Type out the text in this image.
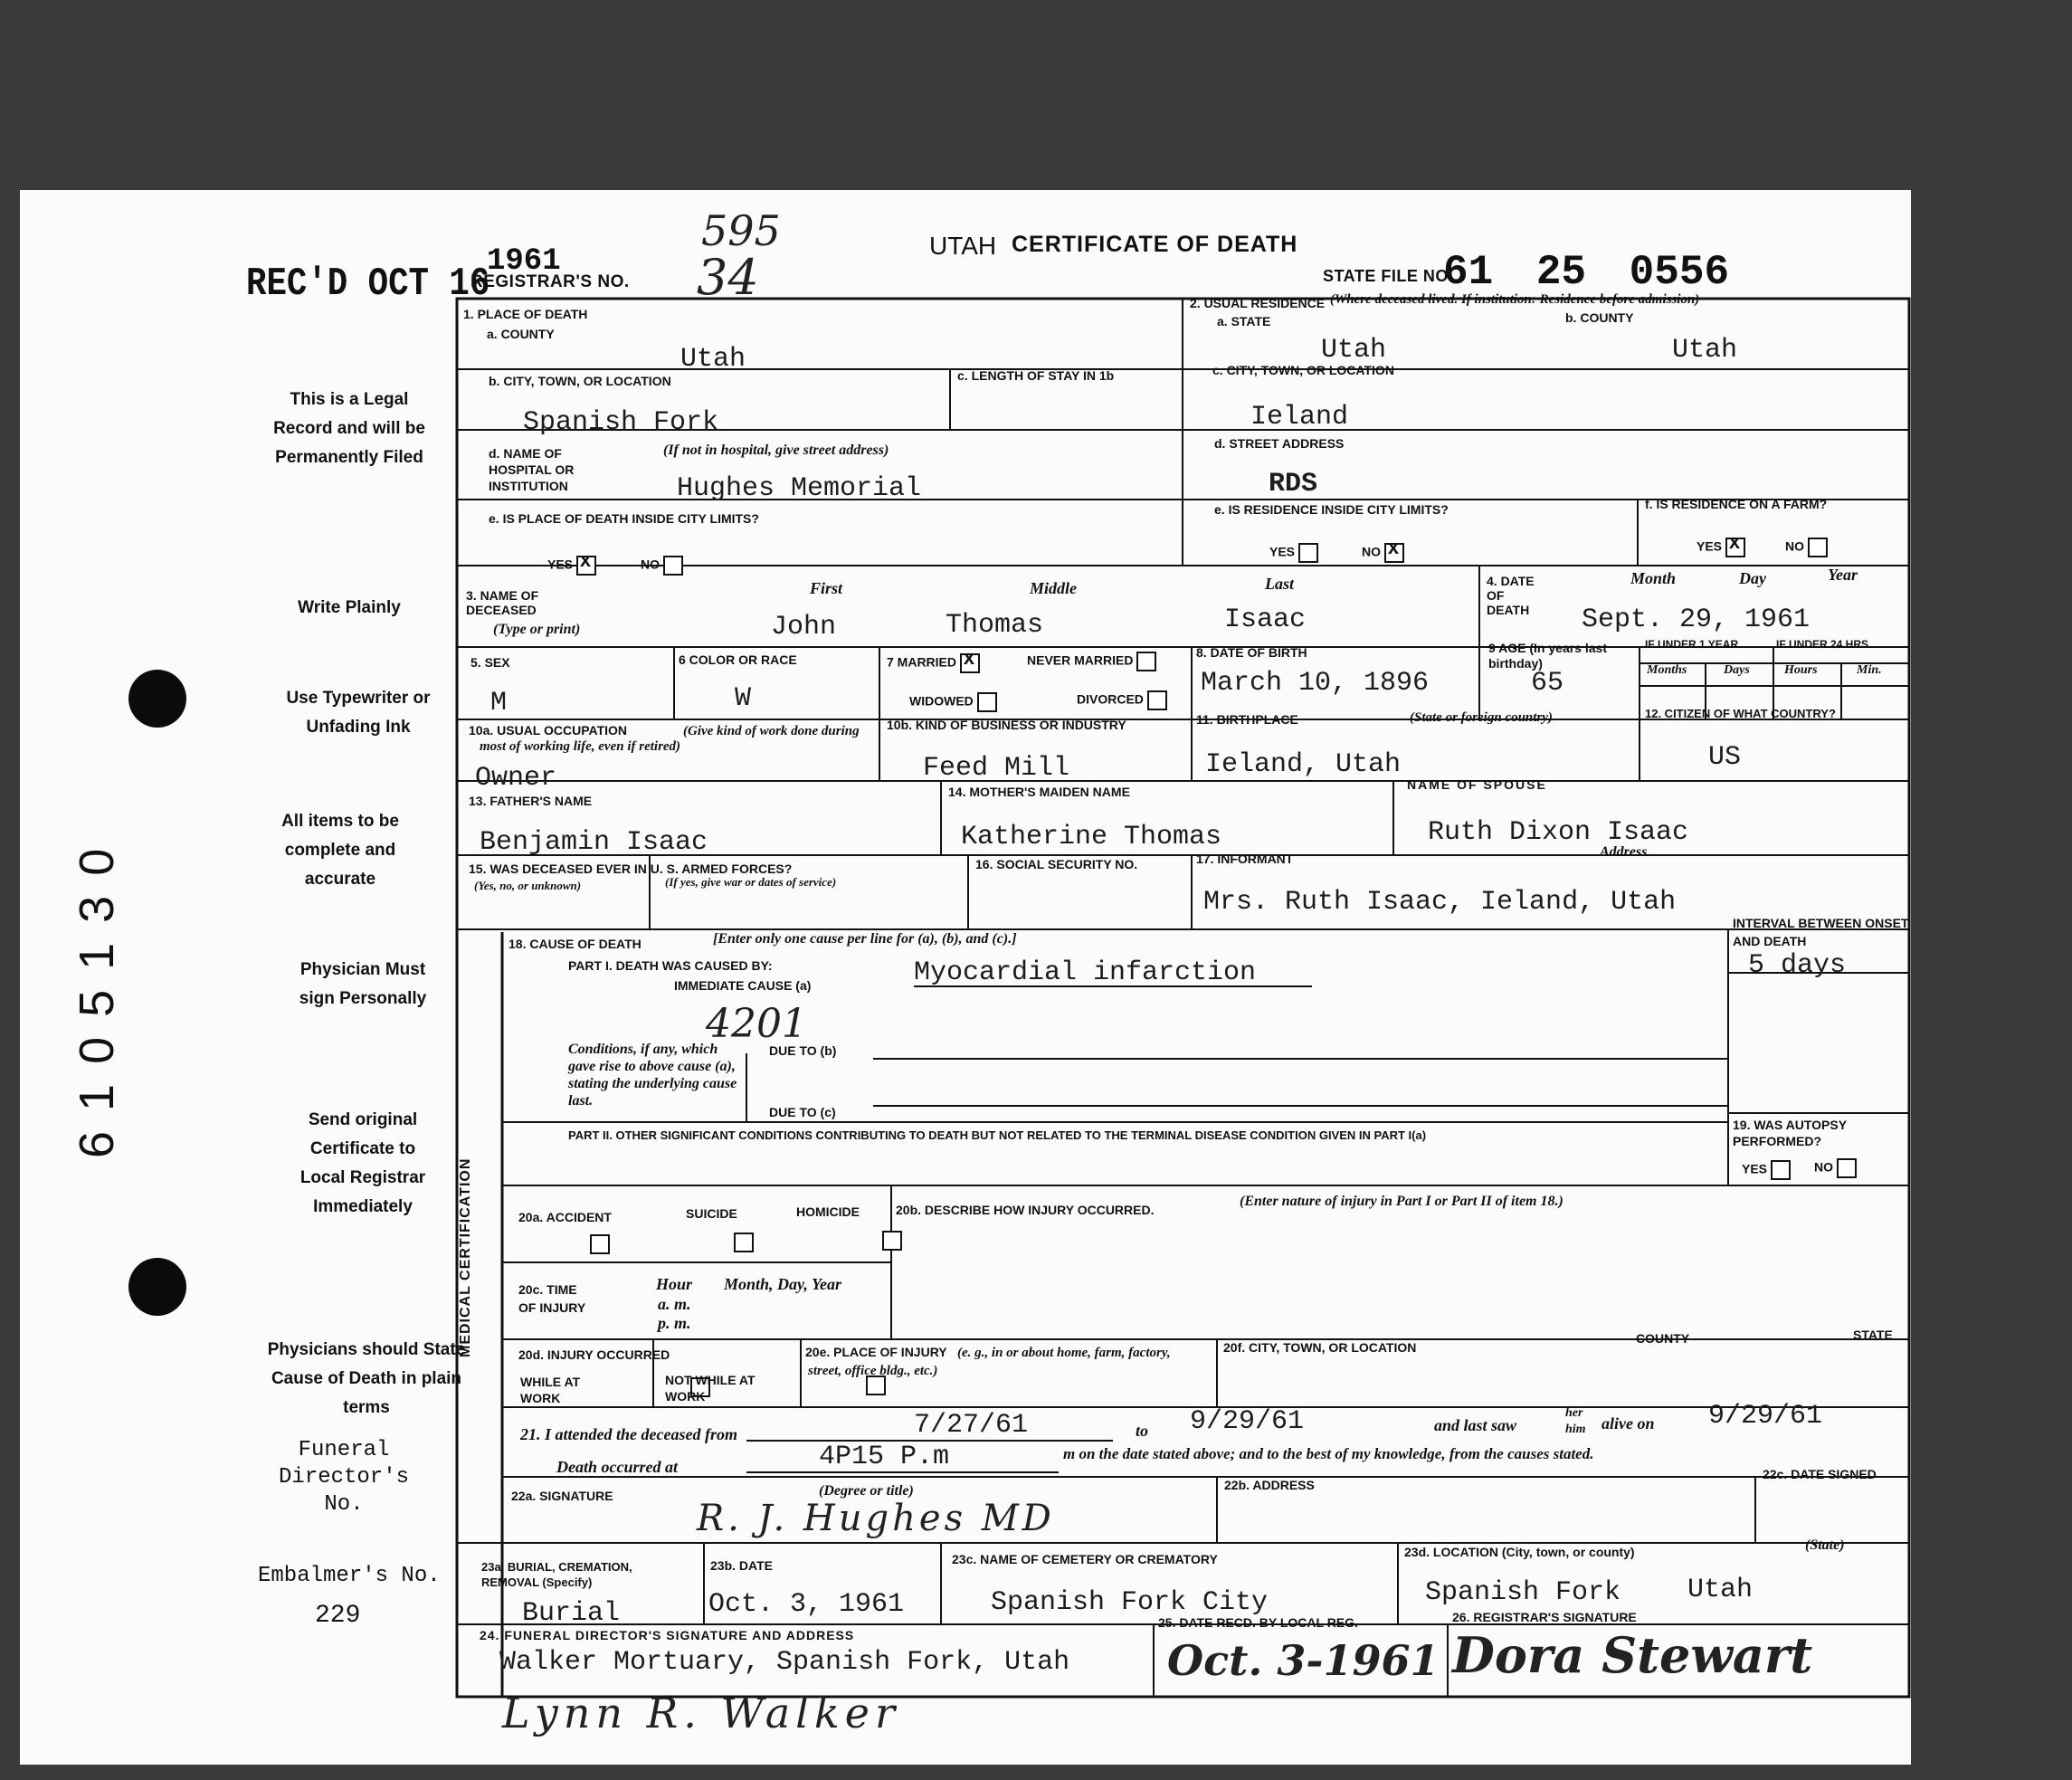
REC'D OCT 16
1961
REGISTRAR'S NO.
595
34
UTAH CERTIFICATE OF DEATH
STATE FILE NO.
61 25 0556
This is a Legal Record and will be Permanently Filed
Write Plainly
Use Typewriter or Unfading Ink
All items to be complete and accurate
Physician Must sign Personally
Send original Certificate to Local Registrar Immediately
Physicians should State Cause of Death in plain terms
Funeral Director's No.
Embalmer's No.
229
6105130
1. PLACE OF DEATH
a. COUNTY
Utah
b. CITY, TOWN, OR LOCATION
Spanish Fork
c. LENGTH OF STAY IN 1b
d. NAME OF HOSPITAL OR INSTITUTION
(If not in hospital, give street address)
Hughes Memorial
e. IS PLACE OF DEATH INSIDE CITY LIMITS?
YES x	NO
2. USUAL RESIDENCE (Where deceased lived. If institution: Residence before admission)
a. STATE
Utah
b. COUNTY
Utah
c. CITY, TOWN, OR LOCATION
Ieland
d. STREET ADDRESS
RDS
e. IS RESIDENCE INSIDE CITY LIMITS?
YES	NO x
f. IS RESIDENCE ON A FARM?
YES x	NO
3. NAME OF DECEASED
(Type or print)
First	Middle	Last
John	Thomas	Isaac
4. DATE OF DEATH
Month	Day	Year
Sept. 29, 1961
5. SEX
M
6 COLOR OR RACE
W
7 MARRIED x	NEVER MARRIED
WIDOWED	DIVORCED
8. DATE OF BIRTH
March 10, 1896
9 AGE (In years last birthday)
65
IF UNDER 1 YEAR	IF UNDER 24 HRS.
Months	Days	Hours	Min.
10a. USUAL OCCUPATION	(Give kind of work done during most of working life, even if retired)
Owner
10b. KIND OF BUSINESS OR INDUSTRY
Feed Mill
11. BIRTHPLACE	(State or foreign country)
Ieland, Utah
12. CITIZEN OF WHAT COUNTRY?
US
13. FATHER'S NAME
Benjamin Isaac
14. MOTHER'S MAIDEN NAME
Katherine Thomas
NAME OF SPOUSE
Ruth Dixon Isaac
15. WAS DECEASED EVER IN U. S. ARMED FORCES?
(Yes, no, or unknown)	(If yes, give war or dates of service)
16. SOCIAL SECURITY NO.	17. INFORMANT	Address
Mrs. Ruth Isaac, Ieland, Utah
MEDICAL CERTIFICATION
18. CAUSE OF DEATH	[Enter only one cause per line for (a), (b), and (c).]
PART I. DEATH WAS CAUSED BY:
IMMEDIATE CAUSE (a)	Myocardial infarction
4201
Conditions, if any, which gave rise to above cause (a), stating the underlying cause last.
DUE TO (b)
DUE TO (c)
INTERVAL BETWEEN ONSET AND DEATH
5 days
PART II. OTHER SIGNIFICANT CONDITIONS CONTRIBUTING TO DEATH BUT NOT RELATED TO THE TERMINAL DISEASE CONDITION GIVEN IN PART I(a)
19. WAS AUTOPSY PERFORMED?
YES	NO
20a. ACCIDENT
	SUICIDE
	HOMICIDE
	20b. DESCRIBE HOW INJURY OCCURRED.
(Enter nature of injury in Part I or Part II of item 18.)
20c. TIME OF INJURY
Hour
a. m.
p. m.
Month, Day, Year
20d. INJURY OCCURRED
WHILE AT WORK

NOT WHILE AT WORK
20e. PLACE OF INJURY (e. g., in or about home, farm, factory, street, office bldg., etc.)
20f. CITY, TOWN, OR LOCATION
COUNTY	STATE
21. I attended the deceased from	7/27/61	to 9/29/61	and last saw
her
him alive on 9/29/61
Death occurred at	4P15 P.m	m on the date stated above; and to the best of my knowledge, from the causes stated.
22a. SIGNATURE	(Degree or title)
R. J. Hughes MD
22b. ADDRESS
22c. DATE SIGNED
23a. BURIAL, CREMATION, REMOVAL (Specify)
Burial
23b. DATE
Oct. 3, 1961
23c. NAME OF CEMETERY OR CREMATORY
Spanish Fork City
23d. LOCATION (City, town, or county)	(State)
Spanish Fork Utah
24. FUNERAL DIRECTOR'S SIGNATURE AND ADDRESS
Walker Mortuary, Spanish Fork, Utah
Lynn R. Walker
25. DATE RECD. BY LOCAL REG.
Oct. 3-1961
26. REGISTRAR'S SIGNATURE
Dora Stewart
